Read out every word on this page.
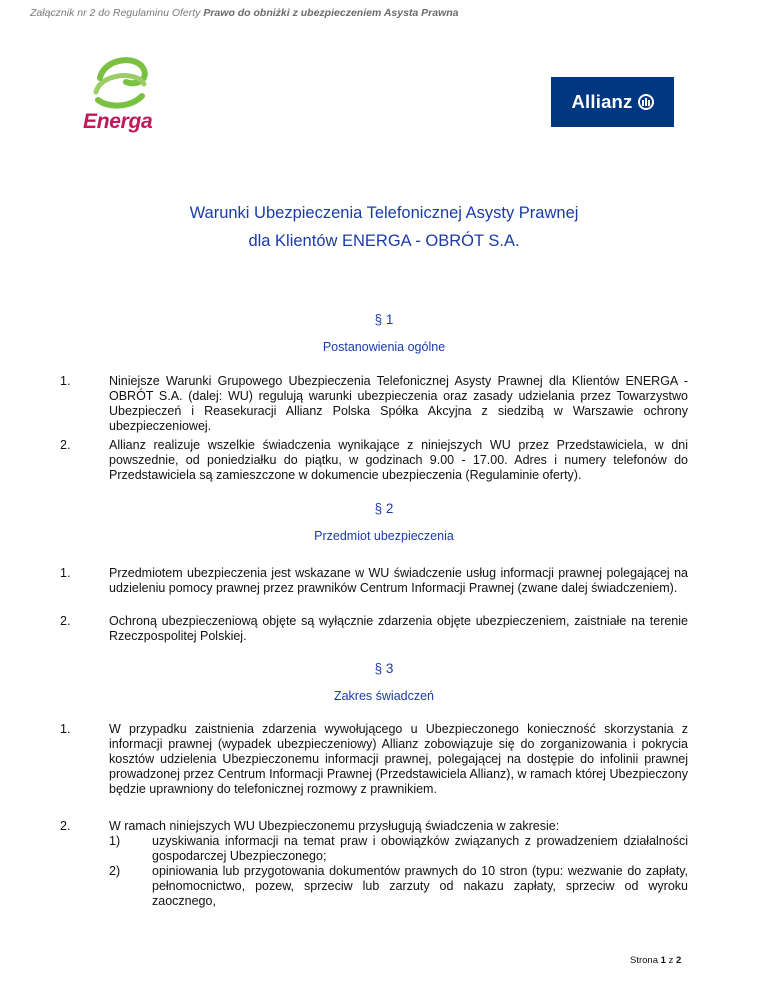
Załącznik nr 2 do Regulaminu Oferty Prawo do obniżki z ubezpieczeniem Asysta Prawna
Energa
Allianz
Warunki Ubezpieczenia Telefonicznej Asysty Prawnej
dla Klientów ENERGA - OBRÓT S.A.
§ 1
Postanowienia ogólne
1.	Niniejsze Warunki Grupowego Ubezpieczenia Telefonicznej Asysty Prawnej dla Klientów ENERGA - OBRÓT S.A. (dalej: WU) regulują warunki ubezpieczenia oraz zasady udzielania przez Towarzystwo Ubezpieczeń i Reasekuracji Allianz Polska Spółka Akcyjna z siedzibą w Warszawie ochrony ubezpieczeniowej.
2.	Allianz realizuje wszelkie świadczenia wynikające z niniejszych WU przez Przedstawiciela, w dni powszednie, od poniedziałku do piątku, w godzinach 9.00 - 17.00. Adres i numery telefonów do Przedstawiciela są zamieszczone w dokumencie ubezpieczenia (Regulaminie oferty).
§ 2
Przedmiot ubezpieczenia
1.	Przedmiotem ubezpieczenia jest wskazane w WU świadczenie usług informacji prawnej polegającej na udzieleniu pomocy prawnej przez prawników Centrum Informacji Prawnej (zwane dalej świadczeniem).
2.	Ochroną ubezpieczeniową objęte są wyłącznie zdarzenia objęte ubezpieczeniem, zaistniałe na terenie Rzeczpospolitej Polskiej.
§ 3
Zakres świadczeń
1.	W przypadku zaistnienia zdarzenia wywołującego u Ubezpieczonego konieczność skorzystania z informacji prawnej (wypadek ubezpieczeniowy) Allianz zobowiązuje się do zorganizowania i pokrycia kosztów udzielenia Ubezpieczonemu informacji prawnej, polegającej na dostępie do infolinii prawnej prowadzonej przez Centrum Informacji Prawnej (Przedstawiciela Allianz), w ramach której Ubezpieczony będzie uprawniony do telefonicznej rozmowy z prawnikiem.
2.	W ramach niniejszych WU Ubezpieczonemu przysługują świadczenia w zakresie:
1)	uzyskiwania informacji na temat praw i obowiązków związanych z prowadzeniem działalności gospodarczej Ubezpieczonego;
2)	opiniowania lub przygotowania dokumentów prawnych do 10 stron (typu: wezwanie do zapłaty, pełnomocnictwo, pozew, sprzeciw lub zarzuty od nakazu zapłaty, sprzeciw od wyroku zaocznego,
Strona 1 z 2
